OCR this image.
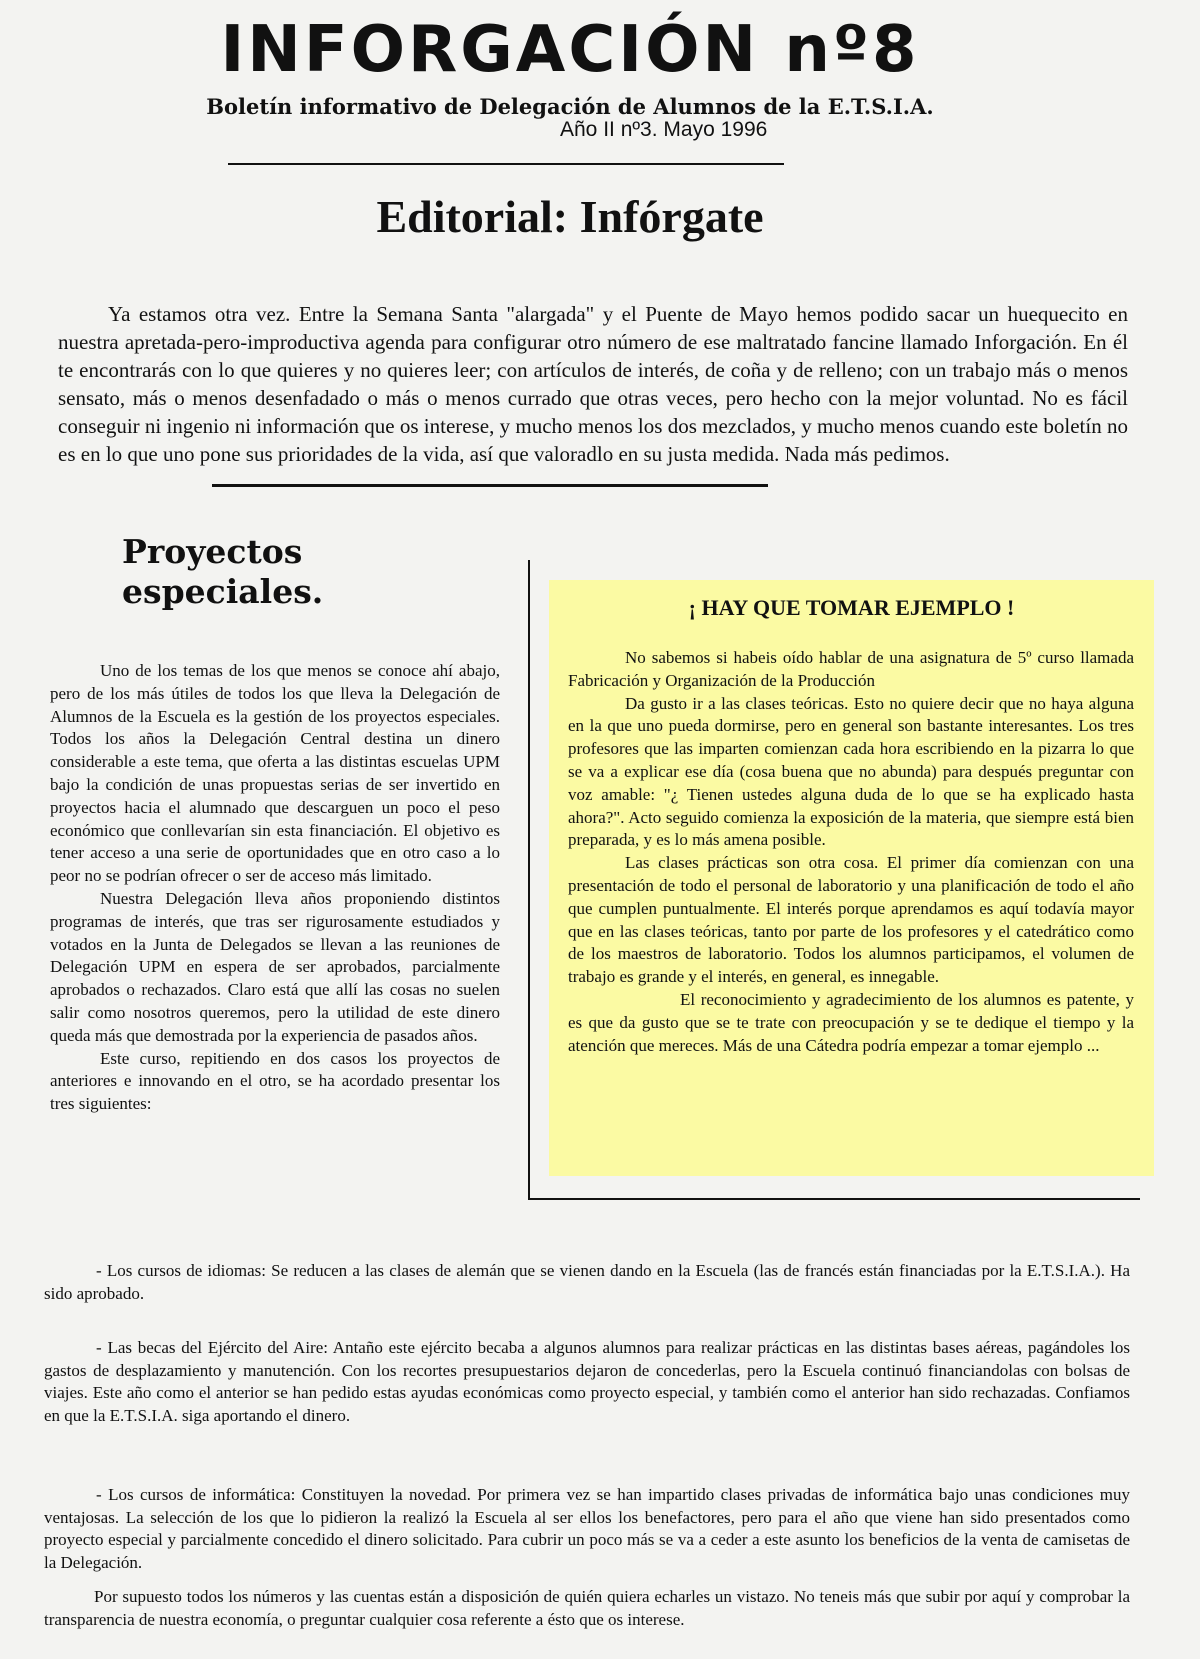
INFORGACIÓN nº8
Boletín informativo de Delegación de Alumnos de la E.T.S.I.A.
Año II nº3. Mayo 1996
Editorial: Infórgate
Ya estamos otra vez. Entre la Semana Santa "alargada" y el Puente de Mayo hemos podido sacar un huequecito en nuestra apretada-pero-improductiva agenda para configurar otro número de ese maltratado fancine llamado Inforgación. En él te encontrarás con lo que quieres y no quieres leer; con artículos de interés, de coña y de relleno; con un trabajo más o menos sensato, más o menos desenfadado o más o menos currado que otras veces, pero hecho con la mejor voluntad. No es fácil conseguir ni ingenio ni información que os interese, y mucho menos los dos mezclados, y mucho menos cuando este boletín no es en lo que uno pone sus prioridades de la vida, así que valoradlo en su justa medida. Nada más pedimos.
Proyectos
especiales.

Uno de los temas de los que menos se conoce ahí abajo, pero de los más útiles de todos los que lleva la Delegación de Alumnos de la Escuela es la gestión de los proyectos especiales. Todos los años la Delegación Central destina un dinero considerable a este tema, que oferta a las distintas escuelas UPM bajo la condición de unas propuestas serias de ser invertido en proyectos hacia el alumnado que descarguen un poco el peso económico que conllevarían sin esta financiación. El objetivo es tener acceso a una serie de oportunidades que en otro caso a lo peor no se podrían ofrecer o ser de acceso más limitado.

Nuestra Delegación lleva años proponiendo distintos programas de interés, que tras ser rigurosamente estudiados y votados en la Junta de Delegados se llevan a las reuniones de Delegación UPM en espera de ser aprobados, parcialmente aprobados o rechazados. Claro está que allí las cosas no suelen salir como nosotros queremos, pero la utilidad de este dinero queda más que demostrada por la experiencia de pasados años.

Este curso, repitiendo en dos casos los proyectos de anteriores e innovando en el otro, se ha acordado presentar los tres siguientes:

¡ HAY QUE TOMAR EJEMPLO !

No sabemos si habeis oído hablar de una asignatura de 5º curso llamada Fabricación y Organización de la Producción

Da gusto ir a las clases teóricas. Esto no quiere decir que no haya alguna en la que uno pueda dormirse, pero en general son bastante interesantes. Los tres profesores que las imparten comienzan cada hora escribiendo en la pizarra lo que se va a explicar ese día (cosa buena que no abunda) para después preguntar con voz amable: "¿ Tienen ustedes alguna duda de lo que se ha explicado hasta ahora?". Acto seguido comienza la exposición de la materia, que siempre está bien preparada, y es lo más amena posible.

Las clases prácticas son otra cosa. El primer día comienzan con una presentación de todo el personal de laboratorio y una planificación de todo el año que cumplen puntualmente. El interés porque aprendamos es aquí todavía mayor que en las clases teóricas, tanto por parte de los profesores y el catedrático como de los maestros de laboratorio. Todos los alumnos participamos, el volumen de trabajo es grande y el interés, en general, es innegable.

El reconocimiento y agradecimiento de los alumnos es patente, y es que da gusto que se te trate con preocupación y se te dedique el tiempo y la atención que mereces. Más de una Cátedra podría empezar a tomar ejemplo ...

- Los cursos de idiomas: Se reducen a las clases de alemán que se vienen dando en la Escuela (las de francés están financiadas por la E.T.S.I.A.). Ha sido aprobado.
- Las becas del Ejército del Aire: Antaño este ejército becaba a algunos alumnos para realizar prácticas en las distintas bases aéreas, pagándoles los gastos de desplazamiento y manutención. Con los recortes presupuestarios dejaron de concederlas, pero la Escuela continuó financiandolas con bolsas de viajes. Este año como el anterior se han pedido estas ayudas económicas como proyecto especial, y también como el anterior han sido rechazadas. Confiamos en que la E.T.S.I.A. siga aportando el dinero.
- Los cursos de informática: Constituyen la novedad. Por primera vez se han impartido clases privadas de informática bajo unas condiciones muy ventajosas. La selección de los que lo pidieron la realizó la Escuela al ser ellos los benefactores, pero para el año que viene han sido presentados como proyecto especial y parcialmente concedido el dinero solicitado. Para cubrir un poco más se va a ceder a este asunto los beneficios de la venta de camisetas de la Delegación.
Por supuesto todos los números y las cuentas están a disposición de quién quiera echarles un vistazo. No teneis más que subir por aquí y comprobar la transparencia de nuestra economía, o preguntar cualquier cosa referente a ésto que os interese.
